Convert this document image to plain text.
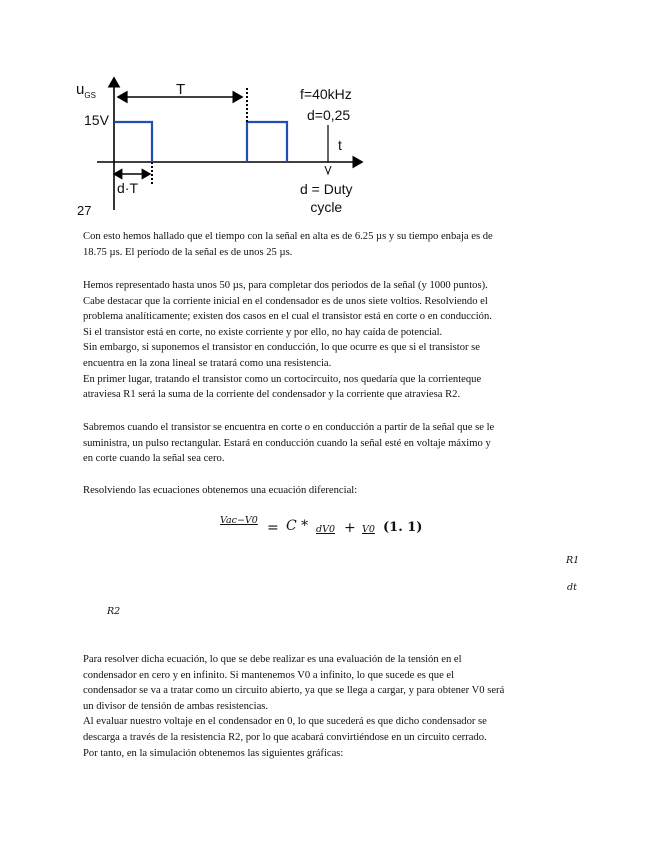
$u_{GS}$
15V
T	f=40kHz
d=0,25
t
d·T	d = Duty
cycle
27
Con esto hemos hallado que el tiempo con la señal en alta es de 6.25 µs y su tiempo enbaja es de
18.75 µs. El período de la señal es de unos 25 µs.
Hemos representado hasta unos 50 µs, para completar dos periodos de la señal (y 1000 puntos).
Cabe destacar que la corriente inicial en el condensador es de unos siete voltios. Resolviendo el
problema analíticamente; existen dos casos en el cual el transistor está en corte o en conducción.
Si el transistor está en corte, no existe corriente y por ello, no hay caída de potencial.
Sin embargo, si suponemos el transistor en conducción, lo que ocurre es que si el transistor se
encuentra en la zona lineal se tratará como una resistencia.
En primer lugar, tratando el transistor como un cortocircuito, nos quedaría que la corrienteque
atraviesa R1 será la suma de la corriente del condensador y la corriente que atraviesa R2.
Sabremos cuando el transistor se encuentra en corte o en conducción a partir de la señal que se le
suministra, un pulso rectangular. Estará en conducción cuando la señal esté en voltaje máximo y
en corte cuando la señal sea cero.
Resolviendo las ecuaciones obtenemos una ecuación diferencial:
Vac−V0 = C * dV0 + V0 (1. 1)
R1
dt
R2
Para resolver dicha ecuación, lo que se debe realizar es una evaluación de la tensión en el
condensador en cero y en infinito. Si mantenemos V0 a infinito, lo que sucede es que el
condensador se va a tratar como un circuito abierto, ya que se llega a cargar, y para obtener V0 será
un divisor de tensión de ambas resistencias.
Al evaluar nuestro voltaje en el condensador en 0, lo que sucederá es que dicho condensador se
descarga a través de la resistencia R2, por lo que acabará convirtiéndose en un circuito cerrado.
Por tanto, en la simulación obtenemos las siguientes gráficas:
